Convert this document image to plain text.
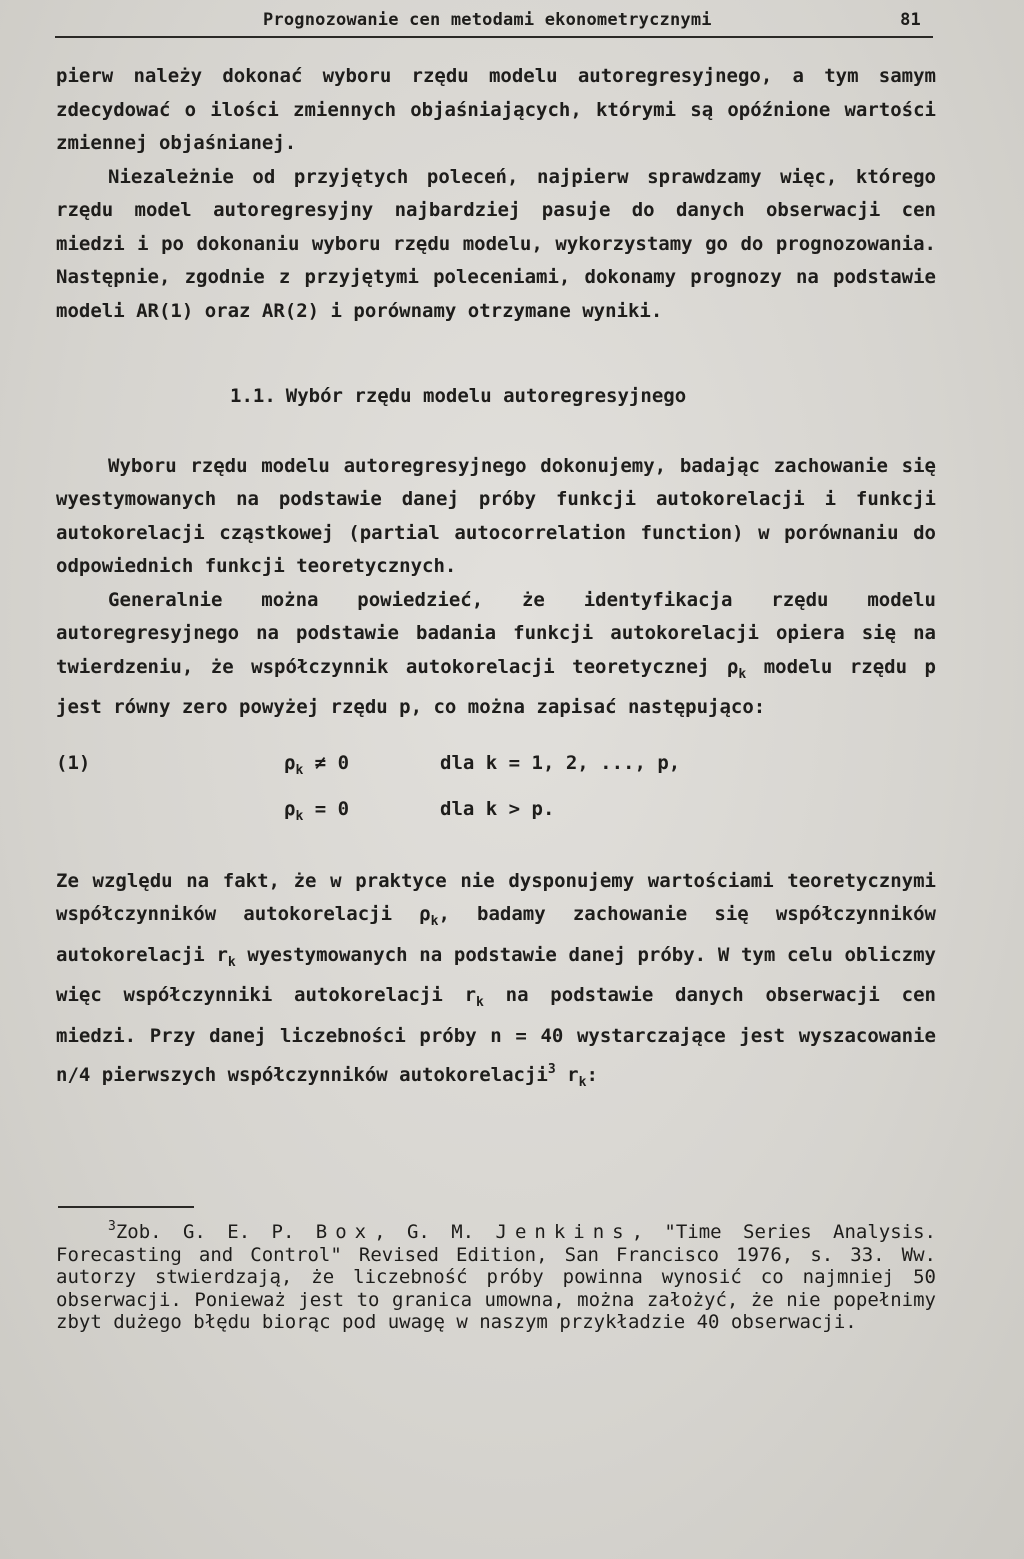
Prognozowanie cen metodami ekonometrycznymi	81

pierw należy dokonać wyboru rzędu modelu autoregresyjnego, a tym samym zdecydować o ilości zmiennych objaśniających, którymi są opóźnione wartości zmiennej objaśnianej.

Niezależnie od przyjętych poleceń, najpierw sprawdzamy więc, którego rzędu model autoregresyjny najbardziej pasuje do danych obserwacji cen miedzi i po dokonaniu wyboru rzędu modelu, wykorzystamy go do prognozowania. Następnie, zgodnie z przyjętymi poleceniami, dokonamy prognozy na podstawie modeli AR(1) oraz AR(2) i porównamy otrzymane wyniki.

1.1. Wybór rzędu modelu autoregresyjnego

Wyboru rzędu modelu autoregresyjnego dokonujemy, badając zachowanie się wyestymowanych na podstawie danej próby funkcji autokorelacji i funkcji autokorelacji cząstkowej (partial autocorrelation function) w porównaniu do odpowiednich funkcji teoretycznych.

Generalnie można powiedzieć, że identyfikacja rzędu modelu autoregresyjnego na podstawie badania funkcji autokorelacji opiera się na twierdzeniu, że współczynnik autokorelacji teoretycznej $\rho_k$ modelu rzędu p jest równy zero powyżej rzędu p, co można zapisać następująco:

(1)	$\rho_k \ne 0$	dla k = 1, 2, ..., p,
$\rho_k = 0$	dla k > p.

Ze względu na fakt, że w praktyce nie dysponujemy wartościami teoretycznymi współczynników autokorelacji $\rho_k$, badamy zachowanie się współczynników autokorelacji $r_k$ wyestymowanych na podstawie danej próby. W tym celu obliczmy więc współczynniki autokorelacji $r_k$ na podstawie danych obserwacji cen miedzi. Przy danej liczebności próby n = 40 wystarczające jest wyszacowanie n/4 pierwszych współczynników autokorelacji$^3$ $r_k$:

$^3$Zob. G. E. P. Box, G. M. Jenkins, "Time Series Analysis. Forecasting and Control" Revised Edition, San Francisco 1976, s. 33. Ww. autorzy stwierdzają, że liczebność próby powinna wynosić co najmniej 50 obserwacji. Ponieważ jest to granica umowna, można założyć, że nie popełnimy zbyt dużego błędu biorąc pod uwagę w naszym przykładzie 40 obserwacji.
